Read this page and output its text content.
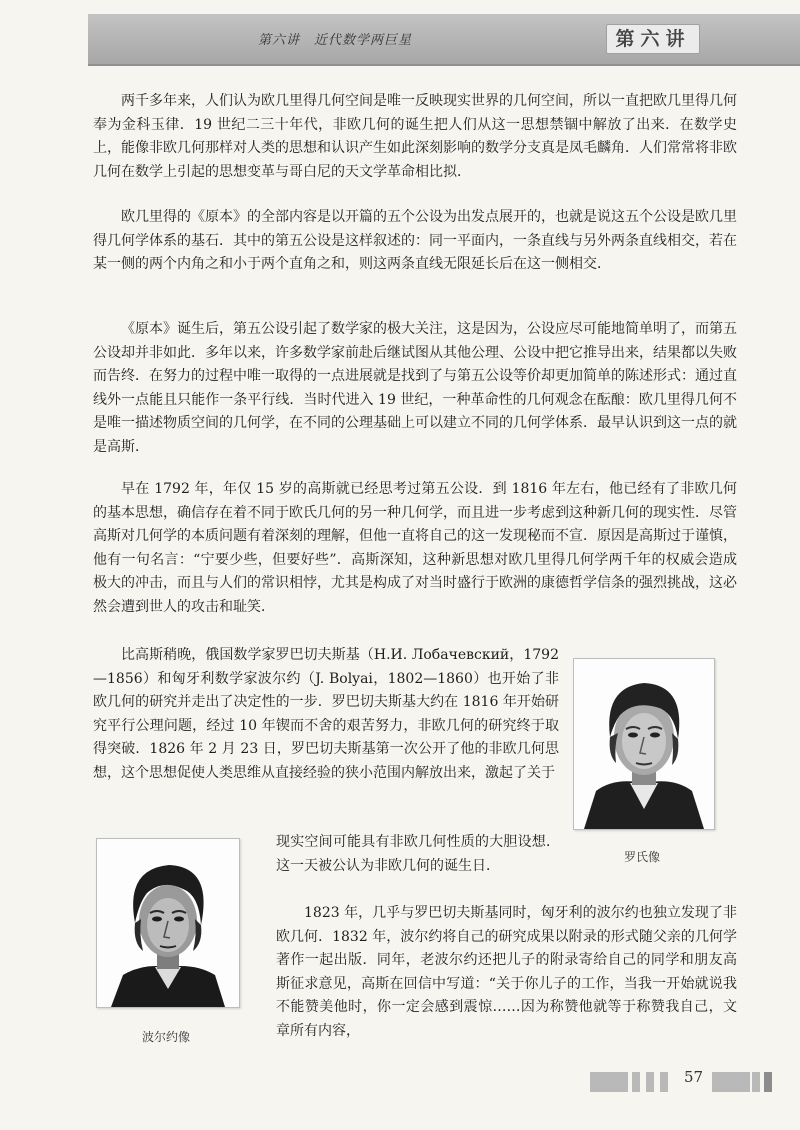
第六讲　近代数学两巨星	第六讲

两千多年来，人们认为欧几里得几何空间是唯一反映现实世界的几何空间，所以一直把欧几里得几何奉为金科玉律．19 世纪二三十年代，非欧几何的诞生把人们从这一思想禁锢中解放了出来．在数学史上，能像非欧几何那样对人类的思想和认识产生如此深刻影响的数学分支真是凤毛麟角．人们常常将非欧几何在数学上引起的思想变革与哥白尼的天文学革命相比拟．

欧几里得的《原本》的全部内容是以开篇的五个公设为出发点展开的，也就是说这五个公设是欧几里得几何学体系的基石．其中的第五公设是这样叙述的：同一平面内，一条直线与另外两条直线相交，若在某一侧的两个内角之和小于两个直角之和，则这两条直线无限延长后在这一侧相交．

《原本》诞生后，第五公设引起了数学家的极大关注，这是因为，公设应尽可能地简单明了，而第五公设却并非如此．多年以来，许多数学家前赴后继试图从其他公理、公设中把它推导出来，结果都以失败而告终．在努力的过程中唯一取得的一点进展就是找到了与第五公设等价却更加简单的陈述形式：通过直线外一点能且只能作一条平行线．当时代进入 19 世纪，一种革命性的几何观念在酝酿：欧几里得几何不是唯一描述物质空间的几何学，在不同的公理基础上可以建立不同的几何学体系．最早认识到这一点的就是高斯．

早在 1792 年，年仅 15 岁的高斯就已经思考过第五公设．到 1816 年左右，他已经有了非欧几何的基本思想，确信存在着不同于欧氏几何的另一种几何学，而且进一步考虑到这种新几何的现实性．尽管高斯对几何学的本质问题有着深刻的理解，但他一直将自己的这一发现秘而不宣．原因是高斯过于谨慎，他有一句名言：“宁要少些，但要好些”．高斯深知，这种新思想对欧几里得几何学两千年的权威会造成极大的冲击，而且与人们的常识相悖，尤其是构成了对当时盛行于欧洲的康德哲学信条的强烈挑战，这必然会遭到世人的攻击和耻笑．

比高斯稍晚，俄国数学家罗巴切夫斯基（Н.И. Лобачевский，1792—1856）和匈牙利数学家波尔约（J. Bolyai，1802—1860）也开始了非欧几何的研究并走出了决定性的一步．罗巴切夫斯基大约在 1816 年开始研究平行公理问题，经过 10 年锲而不舍的艰苦努力，非欧几何的研究终于取得突破．1826 年 2 月 23 日，罗巴切夫斯基第一次公开了他的非欧几何思想，这个思想促使人类思维从直接经验的狭小范围内解放出来，激起了关于

现实空间可能具有非欧几何性质的大胆设想．这一天被公认为非欧几何的诞生日．

1823 年，几乎与罗巴切夫斯基同时，匈牙利的波尔约也独立发现了非欧几何．1832 年，波尔约将自己的研究成果以附录的形式随父亲的几何学著作一起出版．同年，老波尔约还把儿子的附录寄给自己的同学和朋友高斯征求意见，高斯在回信中写道：“关于你儿子的工作，当我一开始就说我不能赞美他时，你一定会感到震惊……因为称赞他就等于称赞我自己，文章所有内容，

罗氏像
波尔约像
57
